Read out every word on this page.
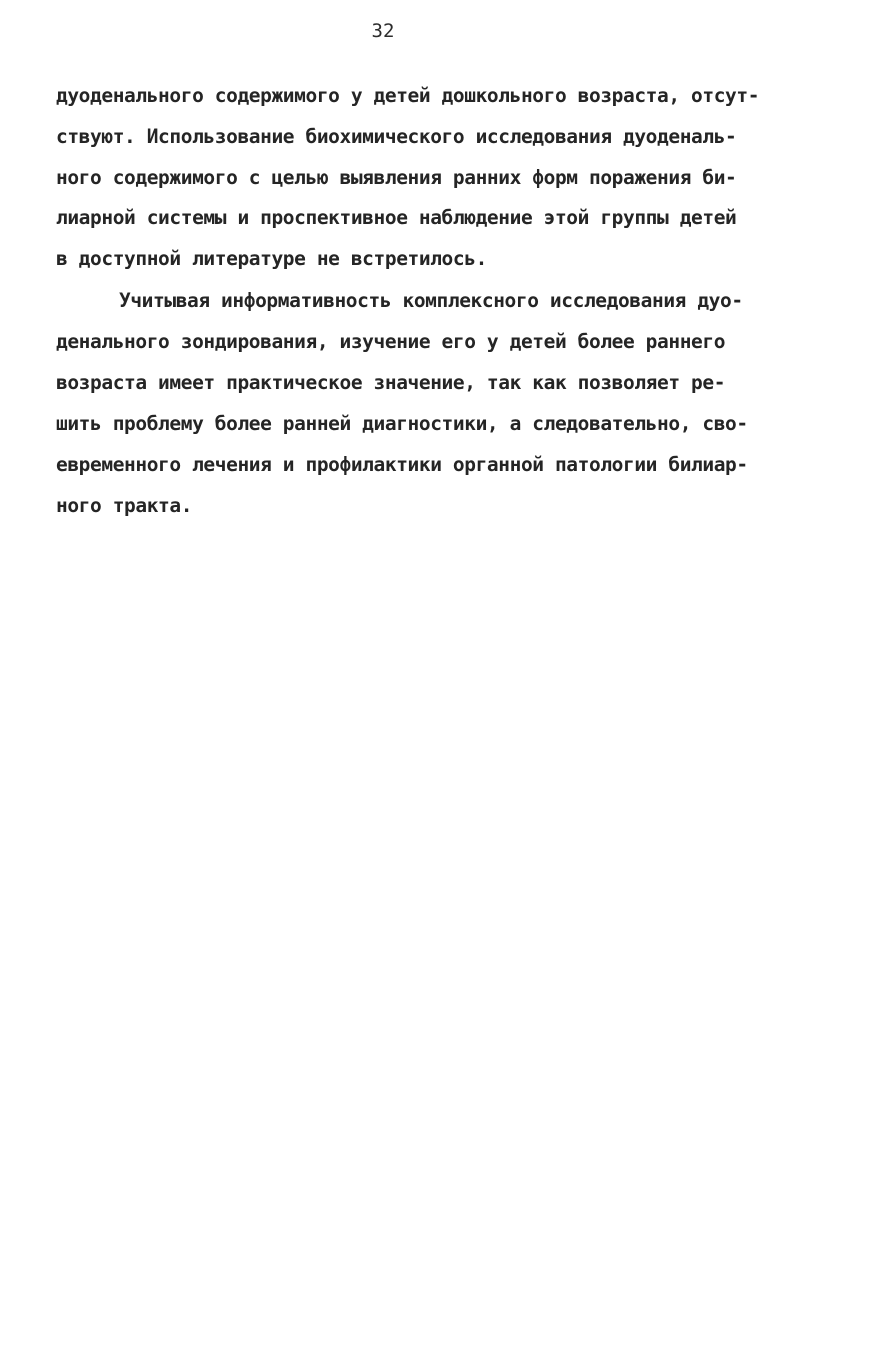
32
дуоденального содержимого у детей дошкольного возраста, отсут-
ствуют. Использование биохимического исследования дуоденаль-
ного содержимого с целью выявления ранних форм поражения би-
лиарной системы и проспективное наблюдение этой группы детей
в доступной литературе не встретилось.
Учитывая информативность комплексного исследования дуо-
денального зондирования, изучение его у детей более раннего
возраста имеет практическое значение, так как позволяет ре-
шить проблему более ранней диагностики, а следовательно, сво-
евременного лечения и профилактики органной патологии билиар-
ного тракта.
